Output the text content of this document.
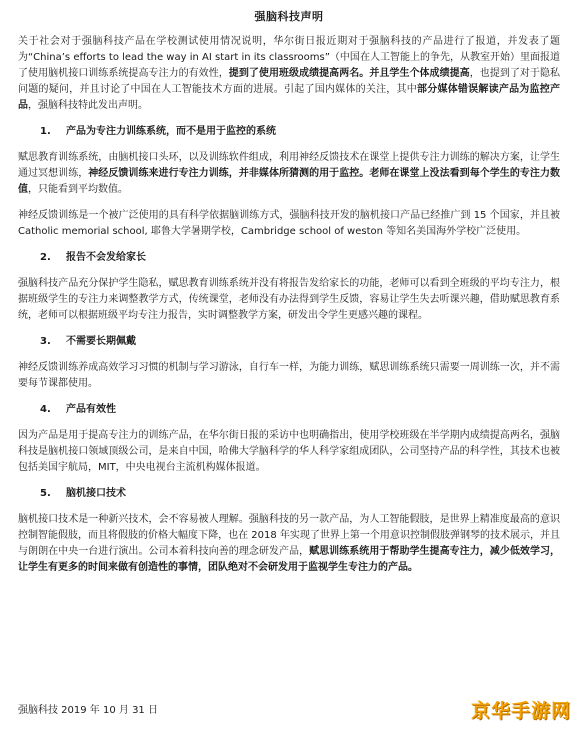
强脑科技声明

关于社会对于强脑科技产品在学校测试使用情况说明，华尔街日报近期对于强脑科技的产品进行了报道，并发表了题为“China’s efforts to lead the way in AI start in its classrooms”（中国在人工智能上的争先，从教室开始）里面报道了使用脑机接口训练系统提高专注力的有效性，提到了使用班级成绩提高两名。并且学生个体成绩提高，也提到了对于隐私问题的疑问，并且讨论了中国在人工智能技术方面的进展。引起了国内媒体的关注，其中部分媒体错误解读产品为监控产品，强脑科技特此发出声明。

1. 产品为专注力训练系统，而不是用于监控的系统

赋思教育训练系统，由脑机接口头环，以及训练软件组成，利用神经反馈技术在课堂上提供专注力训练的解决方案，让学生通过冥想训练，神经反馈训练来进行专注力训练，并非媒体所猜测的用于监控。老师在课堂上没法看到每个学生的专注力数值，只能看到平均数值。

神经反馈训练是一个被广泛使用的具有科学依据脑训练方式，强脑科技开发的脑机接口产品已经推广到 15 个国家，并且被 Catholic memorial school, 耶鲁大学暑期学校，Cambridge school of weston 等知名美国海外学校广泛使用。

2. 报告不会发给家长

强脑科技产品充分保护学生隐私，赋思教育训练系统并没有将报告发给家长的功能，老师可以看到全班级的平均专注力，根据班级学生的专注力来调整教学方式，传统课堂，老师没有办法得到学生反馈，容易让学生失去听课兴趣，借助赋思教育系统，老师可以根据班级平均专注力报告，实时调整教学方案，研发出令学生更感兴趣的课程。

3. 不需要长期佩戴

神经反馈训练养成高效学习习惯的机制与学习游泳，自行车一样，为能力训练，赋思训练系统只需要一周训练一次，并不需要每节课都使用。

4. 产品有效性

因为产品是用于提高专注力的训练产品，在华尔街日报的采访中也明确指出，使用学校班级在半学期内成绩提高两名，强脑科技是脑机接口领域顶级公司，是来自中国，哈佛大学脑科学的华人科学家组成团队，公司坚持产品的科学性，其技术也被包括美国宇航局，MIT，中央电视台主流机构媒体报道。

5. 脑机接口技术

脑机接口技术是一种新兴技术，会不容易被人理解。强脑科技的另一款产品，为人工智能假肢，是世界上精准度最高的意识控制智能假肢，而且将假肢的价格大幅度下降，也在 2018 年实现了世界上第一个用意识控制假肢弹钢琴的技术展示，并且与朗朗在中央一台进行演出。公司本着科技向善的理念研发产品，赋思训练系统用于帮助学生提高专注力，减少低效学习，让学生有更多的时间来做有创造性的事情，团队绝对不会研发用于监视学生专注力的产品。

强脑科技 2019 年 10 月 31 日	京华手游网
